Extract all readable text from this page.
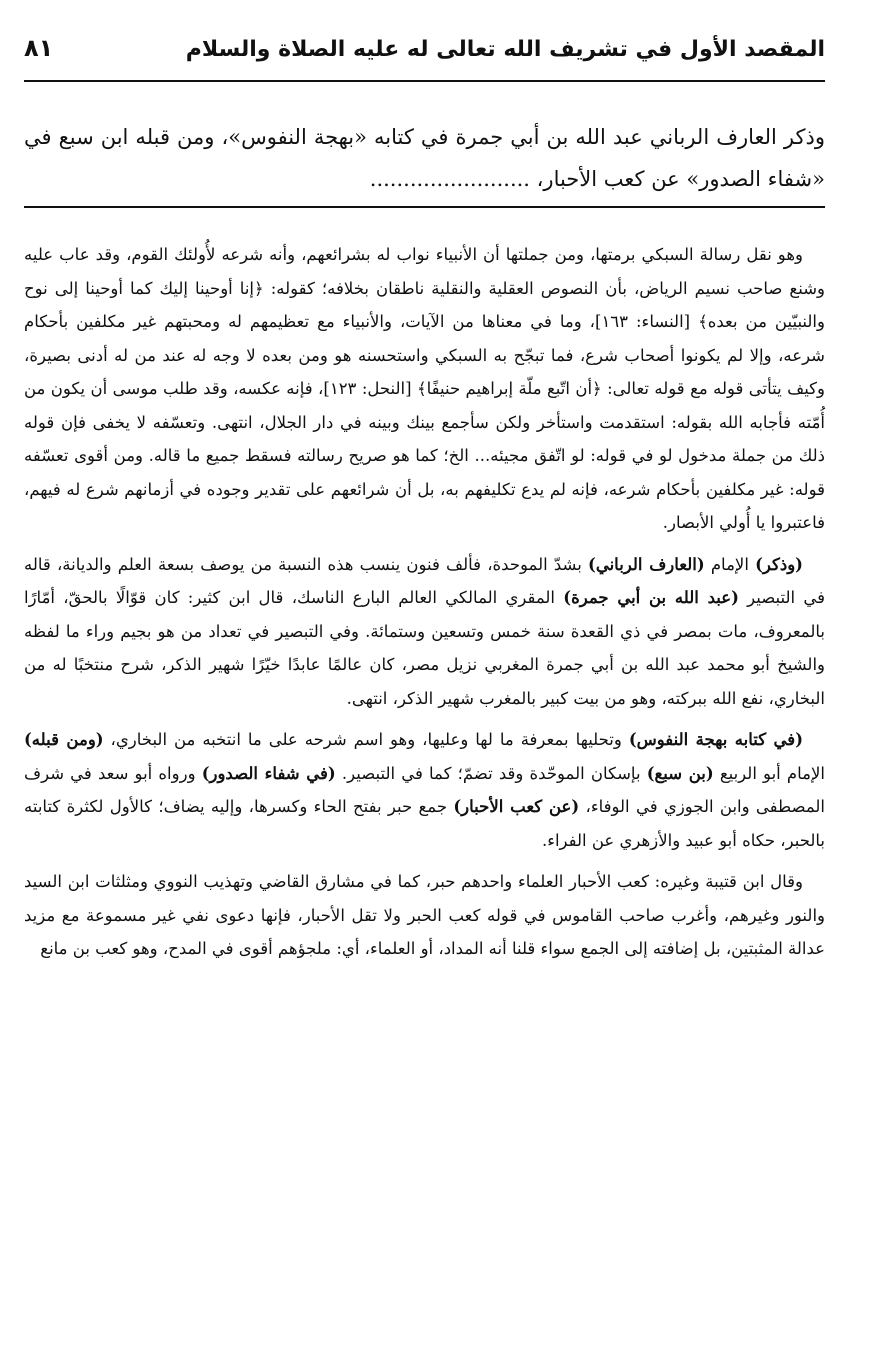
المقصد الأول في تشريف الله تعالى له عليه الصلاة والسلام
٨١

وذكر العارف الرباني عبد الله بن أبي جمرة في كتابه «بهجة النفوس»، ومن قبله ابن سبع في «شفاء الصدور» عن كعب الأحبار، ........................

وهو نقل رسالة السبكي برمتها، ومن جملتها أن الأنبياء نواب له بشرائعهم، وأنه شرعه لأُولئك القوم، وقد عاب عليه وشنع صاحب نسيم الرياض، بأن النصوص العقلية والنقلية ناطقان بخلافه؛ كقوله: ﴿إنا أوحينا إليك كما أوحينا إلى نوح والنبيّين من بعده﴾ [النساء: ١٦٣]، وما في معناها من الآيات، والأنبياء مع تعظيمهم له ومحبتهم غير مكلفين بأحكام شرعه، وإلا لم يكونوا أصحاب شرع، فما تبجّح به السبكي واستحسنه هو ومن بعده لا وجه له عند من له أدنى بصيرة، وكيف يتأتى قوله مع قوله تعالى: ﴿أن اتّبع ملّة إبراهيم حنيفًا﴾ [النحل: ١٢٣]، فإنه عكسه، وقد طلب موسى أن يكون من أُمّته فأجابه الله بقوله: استقدمت واستأخر ولكن سأجمع بينك وبينه في دار الجلال، انتهى. وتعسّفه لا يخفى فإن قوله ذلك من جملة مدخول لو في قوله: لو اتّفق مجيئه... الخ؛ كما هو صريح رسالته فسقط جميع ما قاله. ومن أقوى تعسّفه قوله: غير مكلفين بأحكام شرعه، فإنه لم يدع تكليفهم به، بل أن شرائعهم على تقدير وجوده في أزمانهم شرع له فيهم، فاعتبروا يا أُولي الأبصار.

(وذكر) الإمام (العارف الرباني) بشدّ الموحدة، فألف فنون ينسب هذه النسبة من يوصف بسعة العلم والديانة، قاله في التبصير (عبد الله بن أبي جمرة) المقري المالكي العالم البارع الناسك، قال ابن كثير: كان قوّالًا بالحقّ، أمّارًا بالمعروف، مات بمصر في ذي القعدة سنة خمس وتسعين وستمائة. وفي التبصير في تعداد من هو بجيم وراء ما لفظه والشيخ أبو محمد عبد الله بن أبي جمرة المغربي نزيل مصر، كان عالمًا عابدًا خيّرًا شهير الذكر، شرح منتخبًا له من البخاري، نفع الله ببركته، وهو من بيت كبير بالمغرب شهير الذكر، انتهى.

(في كتابه بهجة النفوس) وتحليها بمعرفة ما لها وعليها، وهو اسم شرحه على ما انتخبه من البخاري، (ومن قبله) الإمام أبو الربيع (بن سبع) بإسكان الموحّدة وقد تضمّ؛ كما في التبصير. (في شفاء الصدور) ورواه أبو سعد في شرف المصطفى وابن الجوزي في الوفاء، (عن كعب الأحبار) جمع حبر بفتح الحاء وكسرها، وإليه يضاف؛ كالأول لكثرة كتابته بالحبر، حكاه أبو عبيد والأزهري عن الفراء.

وقال ابن قتيبة وغيره: كعب الأحبار العلماء واحدهم حبر، كما في مشارق القاضي وتهذيب النووي ومثلثات ابن السيد والنور وغيرهم، وأغرب صاحب القاموس في قوله كعب الحبر ولا تقل الأحبار، فإنها دعوى نفي غير مسموعة مع مزيد عدالة المثبتين، بل إضافته إلى الجمع سواء قلنا أنه المداد، أو العلماء، أي: ملجؤهم أقوى في المدح، وهو كعب بن مانع
